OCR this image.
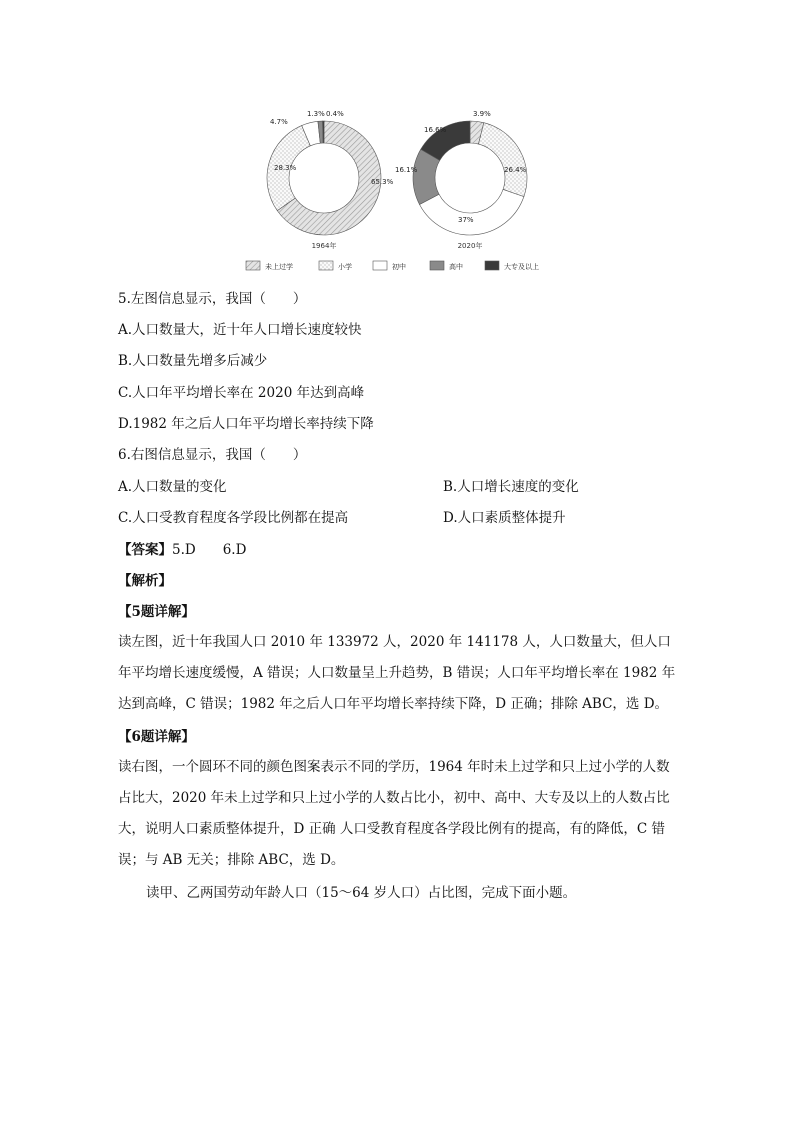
65.3%
28.3%
4.7%
1.3% 0.4%
1964年
3.9%
26.4%
37%
16.1%
16.6%
2020年
未上过学	小学	初中	高中	大专及以上
5.左图信息显示，我国（　　）
A.人口数量大，近十年人口增长速度较快
B.人口数量先增多后减少
C.人口年平均增长率在 2020 年达到高峰
D.1982 年之后人口年平均增长率持续下降
6.右图信息显示，我国（　　）
A.人口数量的变化	B.人口增长速度的变化
C.人口受教育程度各学段比例都在提高	D.人口素质整体提升
【答案】5.D　　6.D
【解析】
【5题详解】
读左图，近十年我国人口 2010 年 133972 人，2020 年 141178 人，人口数量大，但人口年平均增长速度缓慢，A 错误；人口数量呈上升趋势，B 错误；人口年平均增长率在 1982 年达到高峰，C 错误；1982 年之后人口年平均增长率持续下降，D 正确；排除 ABC，选 D。
【6题详解】
读右图，一个圆环不同的颜色图案表示不同的学历，1964 年时未上过学和只上过小学的人数占比大，2020 年未上过学和只上过小学的人数占比小，初中、高中、大专及以上的人数占比大，说明人口素质整体提升，D 正确 人口受教育程度各学段比例有的提高，有的降低，C 错误；与 AB 无关；排除 ABC，选 D。
读甲、乙两国劳动年龄人口（15～64 岁人口）占比图，完成下面小题。
